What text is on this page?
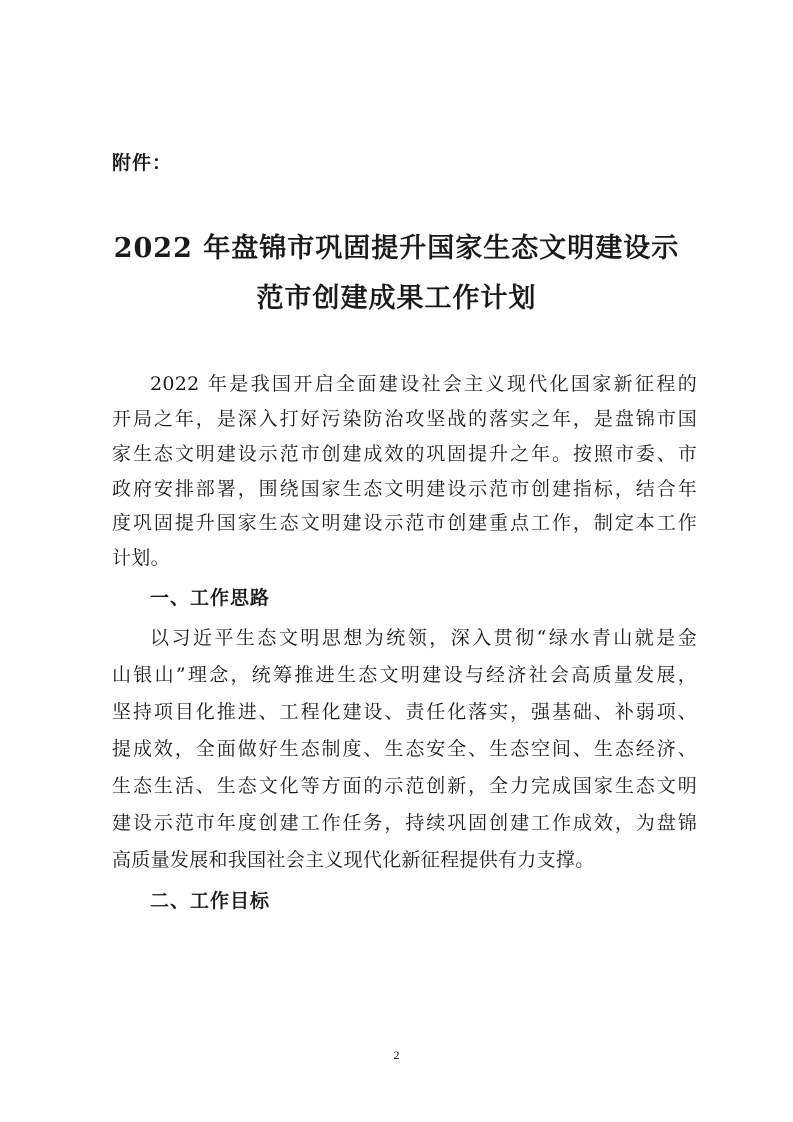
附件：
2022 年盘锦市巩固提升国家生态文明建设示
范市创建成果工作计划
2022 年是我国开启全面建设社会主义现代化国家新征程的
开局之年，是深入打好污染防治攻坚战的落实之年，是盘锦市国
家生态文明建设示范市创建成效的巩固提升之年。按照市委、市
政府安排部署，围绕国家生态文明建设示范市创建指标，结合年
度巩固提升国家生态文明建设示范市创建重点工作，制定本工作
计划。
一、工作思路
以习近平生态文明思想为统领，深入贯彻“绿水青山就是金
山银山”理念，统筹推进生态文明建设与经济社会高质量发展，
坚持项目化推进、工程化建设、责任化落实，强基础、补弱项、
提成效，全面做好生态制度、生态安全、生态空间、生态经济、
生态生活、生态文化等方面的示范创新，全力完成国家生态文明
建设示范市年度创建工作任务，持续巩固创建工作成效，为盘锦
高质量发展和我国社会主义现代化新征程提供有力支撑。
二、工作目标
2
